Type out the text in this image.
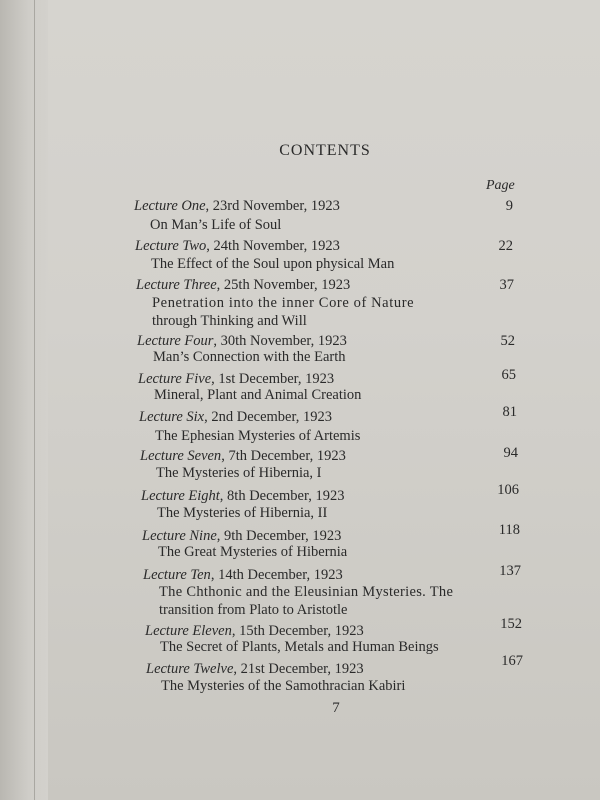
CONTENTS
Page
Lecture One, 23rd November, 1923
On Man’s Life of Soul
9
Lecture Two, 24th November, 1923
The Effect of the Soul upon physical Man
22
Lecture Three, 25th November, 1923
Penetration into the inner Core of Nature
through Thinking and Will
37
Lecture Four, 30th November, 1923
Man’s Connection with the Earth
52
Lecture Five, 1st December, 1923
Mineral, Plant and Animal Creation
65
Lecture Six, 2nd December, 1923
The Ephesian Mysteries of Artemis
81
Lecture Seven, 7th December, 1923
The Mysteries of Hibernia, I
94
Lecture Eight, 8th December, 1923
The Mysteries of Hibernia, II
106
Lecture Nine, 9th December, 1923
The Great Mysteries of Hibernia
118
Lecture Ten, 14th December, 1923
The Chthonic and the Eleusinian Mysteries. The
transition from Plato to Aristotle
137
Lecture Eleven, 15th December, 1923
The Secret of Plants, Metals and Human Beings
152
Lecture Twelve, 21st December, 1923
The Mysteries of the Samothracian Kabiri
167
7
